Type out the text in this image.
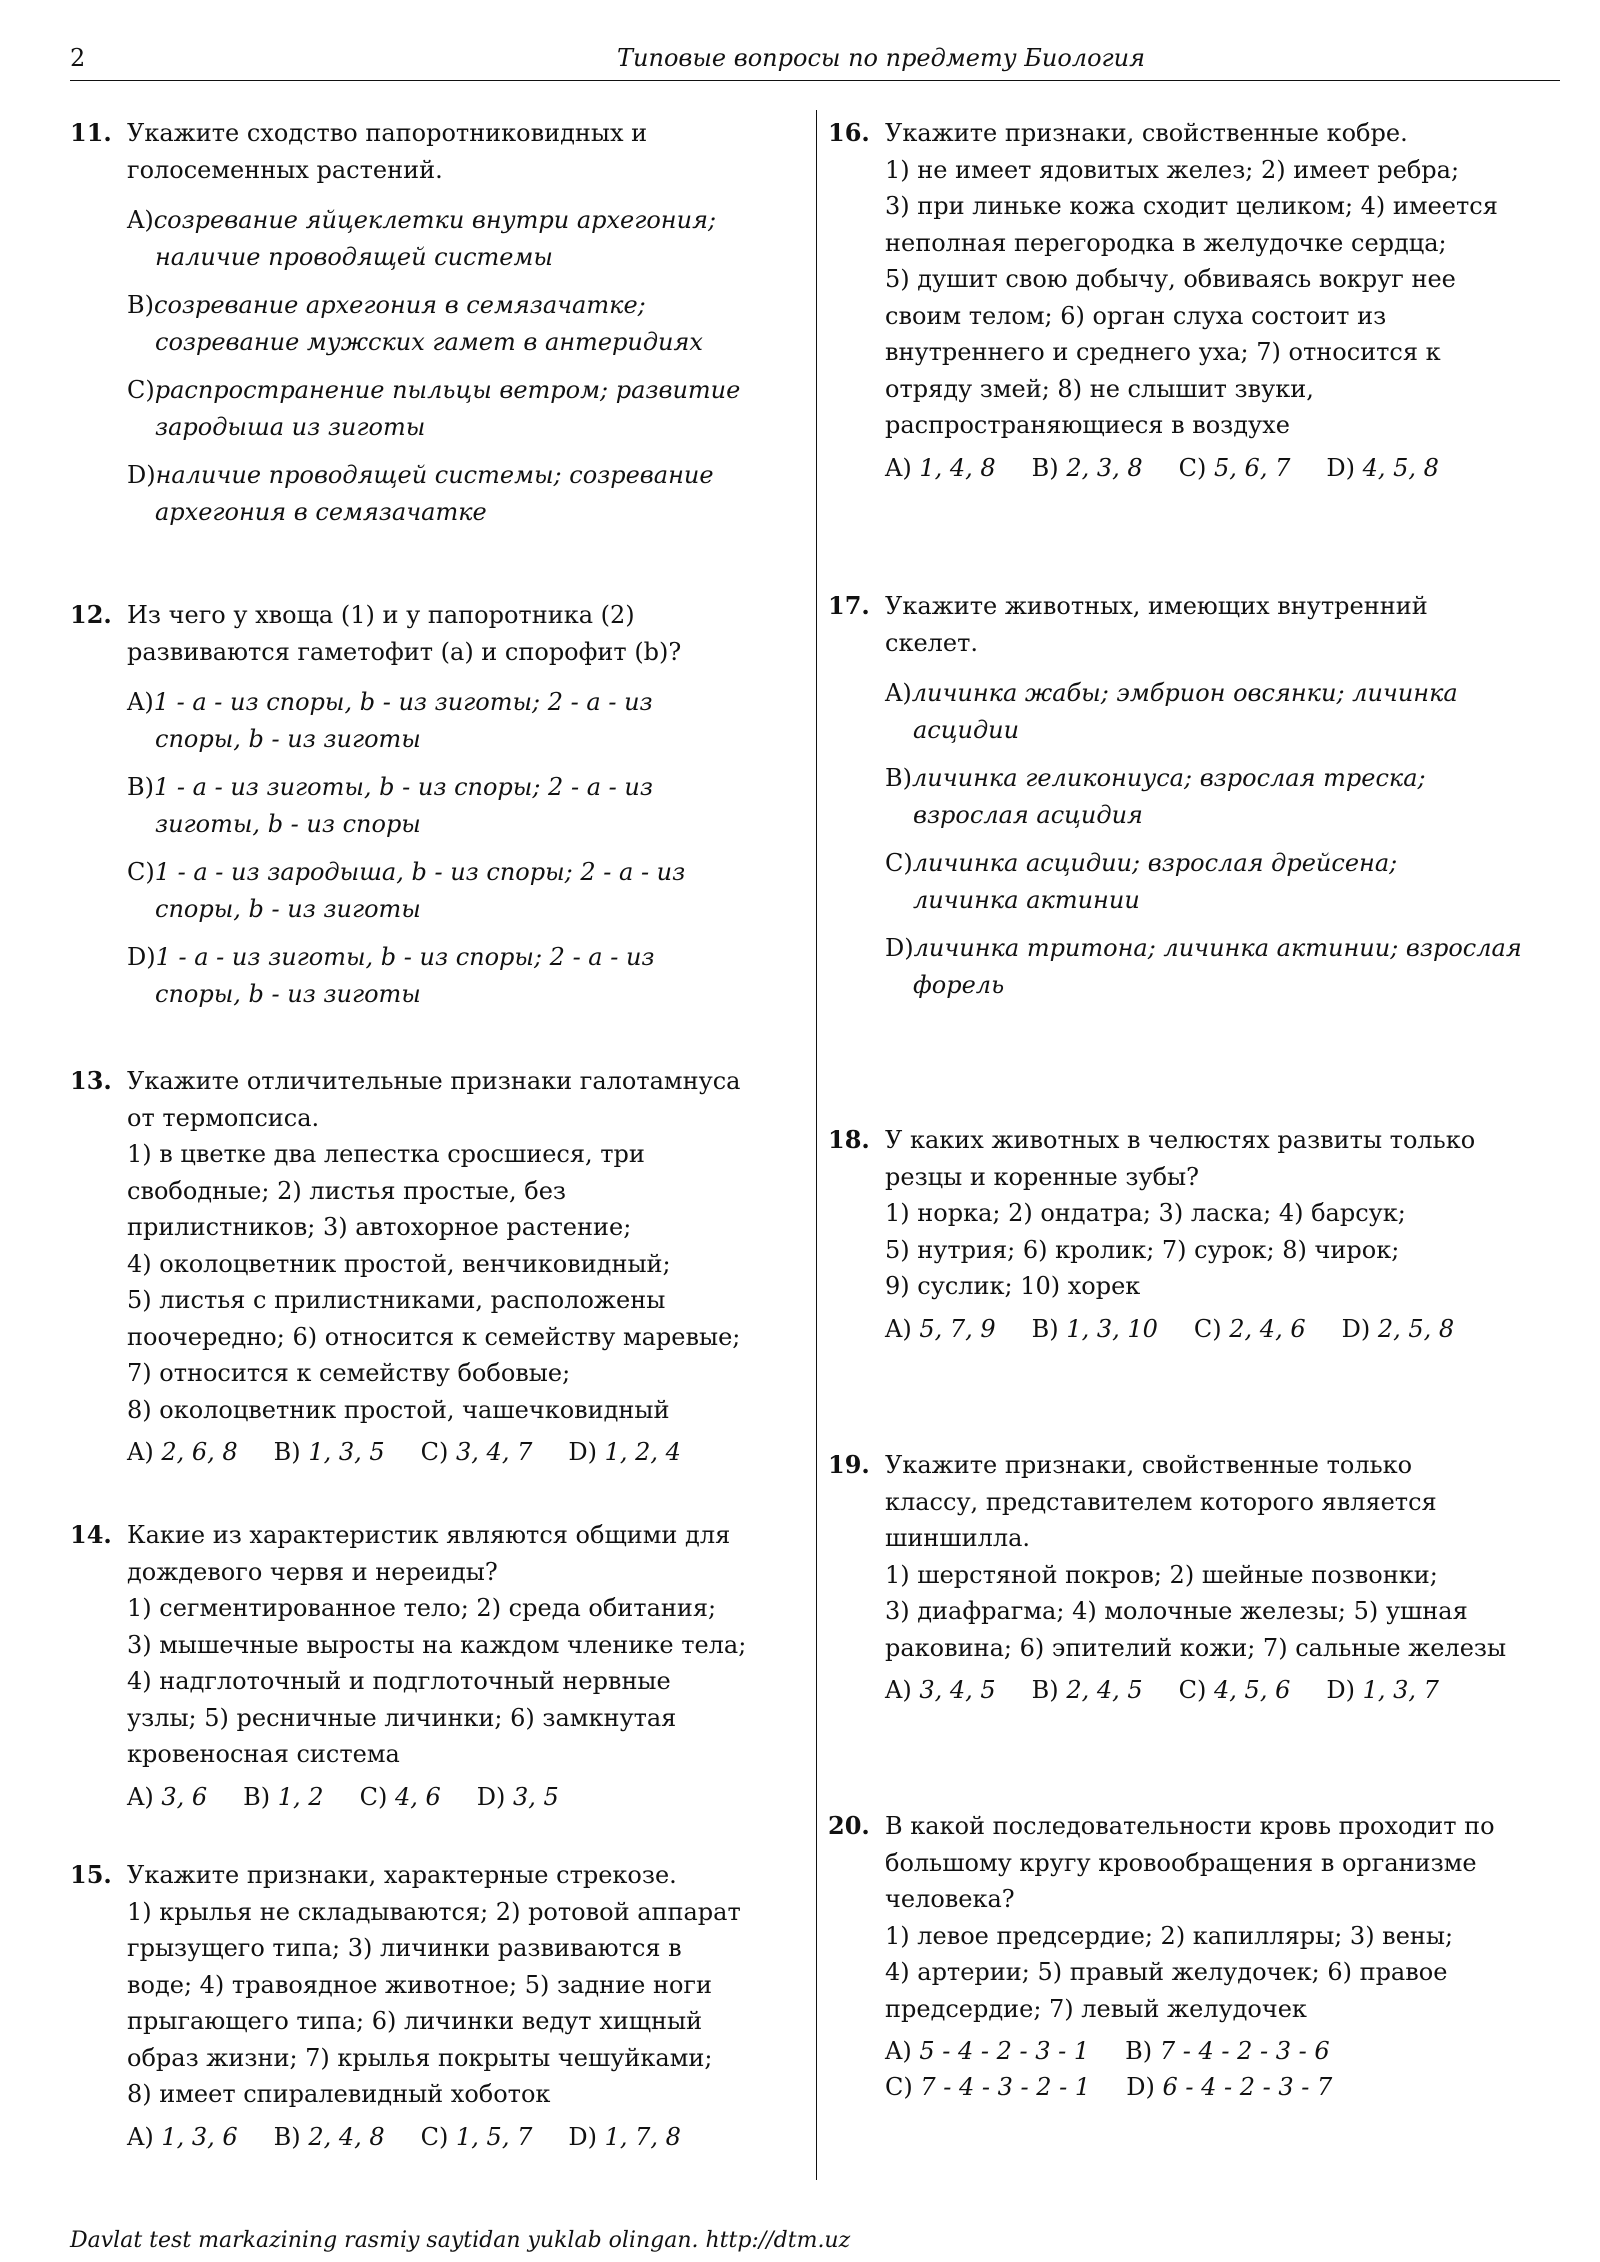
2	Типовые вопросы по предмету Биология
11. Укажите сходство папоротниковидных и
голосеменных растений.
A)созревание яйцеклетки внутри архегония;
наличие проводящей системы
B)созревание архегония в семязачатке;
созревание мужских гамет в антеридиях
C)распространение пыльцы ветром; развитие
зародыша из зиготы
D)наличие проводящей системы; созревание
архегония в семязачатке
12. Из чего у хвоща (1) и у папоротника (2)
развиваются гаметофит (a) и спорофит (b)?
A)1 - a - из споры, b - из зиготы; 2 - a - из
споры, b - из зиготы
B)1 - a - из зиготы, b - из споры; 2 - a - из
зиготы, b - из споры
C)1 - a - из зародыша, b - из споры; 2 - a - из
споры, b - из зиготы
D)1 - a - из зиготы, b - из споры; 2 - a - из
споры, b - из зиготы
13. Укажите отличительные признаки галотамнуса
от термопсиса.
1) в цветке два лепестка сросшиеся, три
свободные; 2) листья простые, без
прилистников; 3) автохорное растение;
4) околоцветник простой, венчиковидный;
5) листья с прилистниками, расположены
поочередно; 6) относится к семейству маревые;
7) относится к семейству бобовые;
8) околоцветник простой, чашечковидный
A) 2, 6, 8 B) 1, 3, 5 C) 3, 4, 7 D) 1, 2, 4
14. Какие из характеристик являются общими для
дождевого червя и нереиды?
1) сегментированное тело; 2) среда обитания;
3) мышечные выросты на каждом членике тела;
4) надглоточный и подглоточный нервные
узлы; 5) ресничные личинки; 6) замкнутая
кровеносная система
A) 3, 6 B) 1, 2 C) 4, 6 D) 3, 5
15. Укажите признаки, характерные стрекозе.
1) крылья не складываются; 2) ротовой аппарат
грызущего типа; 3) личинки развиваются в
воде; 4) травоядное животное; 5) задние ноги
прыгающего типа; 6) личинки ведут хищный
образ жизни; 7) крылья покрыты чешуйками;
8) имеет спиралевидный хоботок
A) 1, 3, 6 B) 2, 4, 8 C) 1, 5, 7 D) 1, 7, 8
16. Укажите признаки, свойственные кобре.
1) не имеет ядовитых желез; 2) имеет ребра;
3) при линьке кожа сходит целиком; 4) имеется
неполная перегородка в желудочке сердца;
5) душит свою добычу, обвиваясь вокруг нее
своим телом; 6) орган слуха состоит из
внутреннего и среднего уха; 7) относится к
отряду змей; 8) не слышит звуки,
распространяющиеся в воздухе
A) 1, 4, 8 B) 2, 3, 8 C) 5, 6, 7 D) 4, 5, 8
17. Укажите животных, имеющих внутренний
скелет.
A)личинка жабы; эмбрион овсянки; личинка
асцидии
B)личинка геликониуса; взрослая треска;
взрослая асцидия
C)личинка асцидии; взрослая дрейсена;
личинка актинии
D)личинка тритона; личинка актинии; взрослая
форель
18. У каких животных в челюстях развиты только
резцы и коренные зубы?
1) норка; 2) ондатра; 3) ласка; 4) барсук;
5) нутрия; 6) кролик; 7) сурок; 8) чирок;
9) суслик; 10) хорек
A) 5, 7, 9 B) 1, 3, 10 C) 2, 4, 6 D) 2, 5, 8
19. Укажите признаки, свойственные только
классу, представителем которого является
шиншилла.
1) шерстяной покров; 2) шейные позвонки;
3) диафрагма; 4) молочные железы; 5) ушная
раковина; 6) эпителий кожи; 7) сальные железы
A) 3, 4, 5 B) 2, 4, 5 C) 4, 5, 6 D) 1, 3, 7
20. В какой последовательности кровь проходит по
большому кругу кровообращения в организме
человека?
1) левое предсердие; 2) капилляры; 3) вены;
4) артерии; 5) правый желудочек; 6) правое
предсердие; 7) левый желудочек
A) 5 - 4 - 2 - 3 - 1 B) 7 - 4 - 2 - 3 - 6
C) 7 - 4 - 3 - 2 - 1 D) 6 - 4 - 2 - 3 - 7
Davlat test markazining rasmiy saytidan yuklab olingan. http://dtm.uz
